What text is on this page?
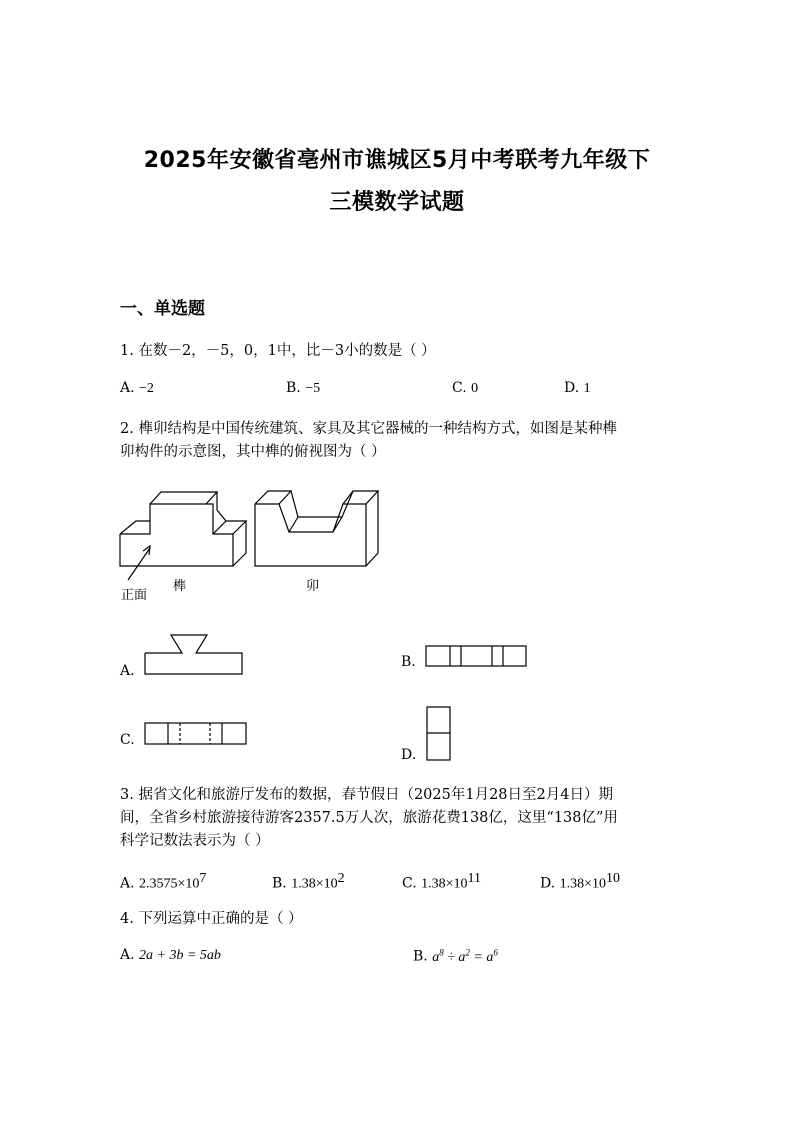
2025年安徽省亳州市谯城区5月中考联考九年级下
三模数学试题
一、单选题
1. 在数－2，－5，0，1中，比－3小的数是（ ）
A. −2	B. −5	C. 0	D. 1
2. 榫卯结构是中国传统建筑、家具及其它器械的一种结构方式，如图是某种榫
卯构件的示意图，其中榫的俯视图为（ ）
正面
榫	卯
A.
B.
C.
D.
3. 据省文化和旅游厅发布的数据，春节假日（2025年1月28日至2月4日）期
间，全省乡村旅游接待游客2357.5万人次，旅游花费138亿，这里“138亿”用
科学记数法表示为（ ）
A. $2.3575\times 10^7$	B. $1.38\times 10^2$	C. $1.38\times 10^{11}$	D. $1.38\times 10^{10}$
4. 下列运算中正确的是（ ）
A. 2a + 3b = 5ab	B. $a^8 \div a^2 = a^6$
